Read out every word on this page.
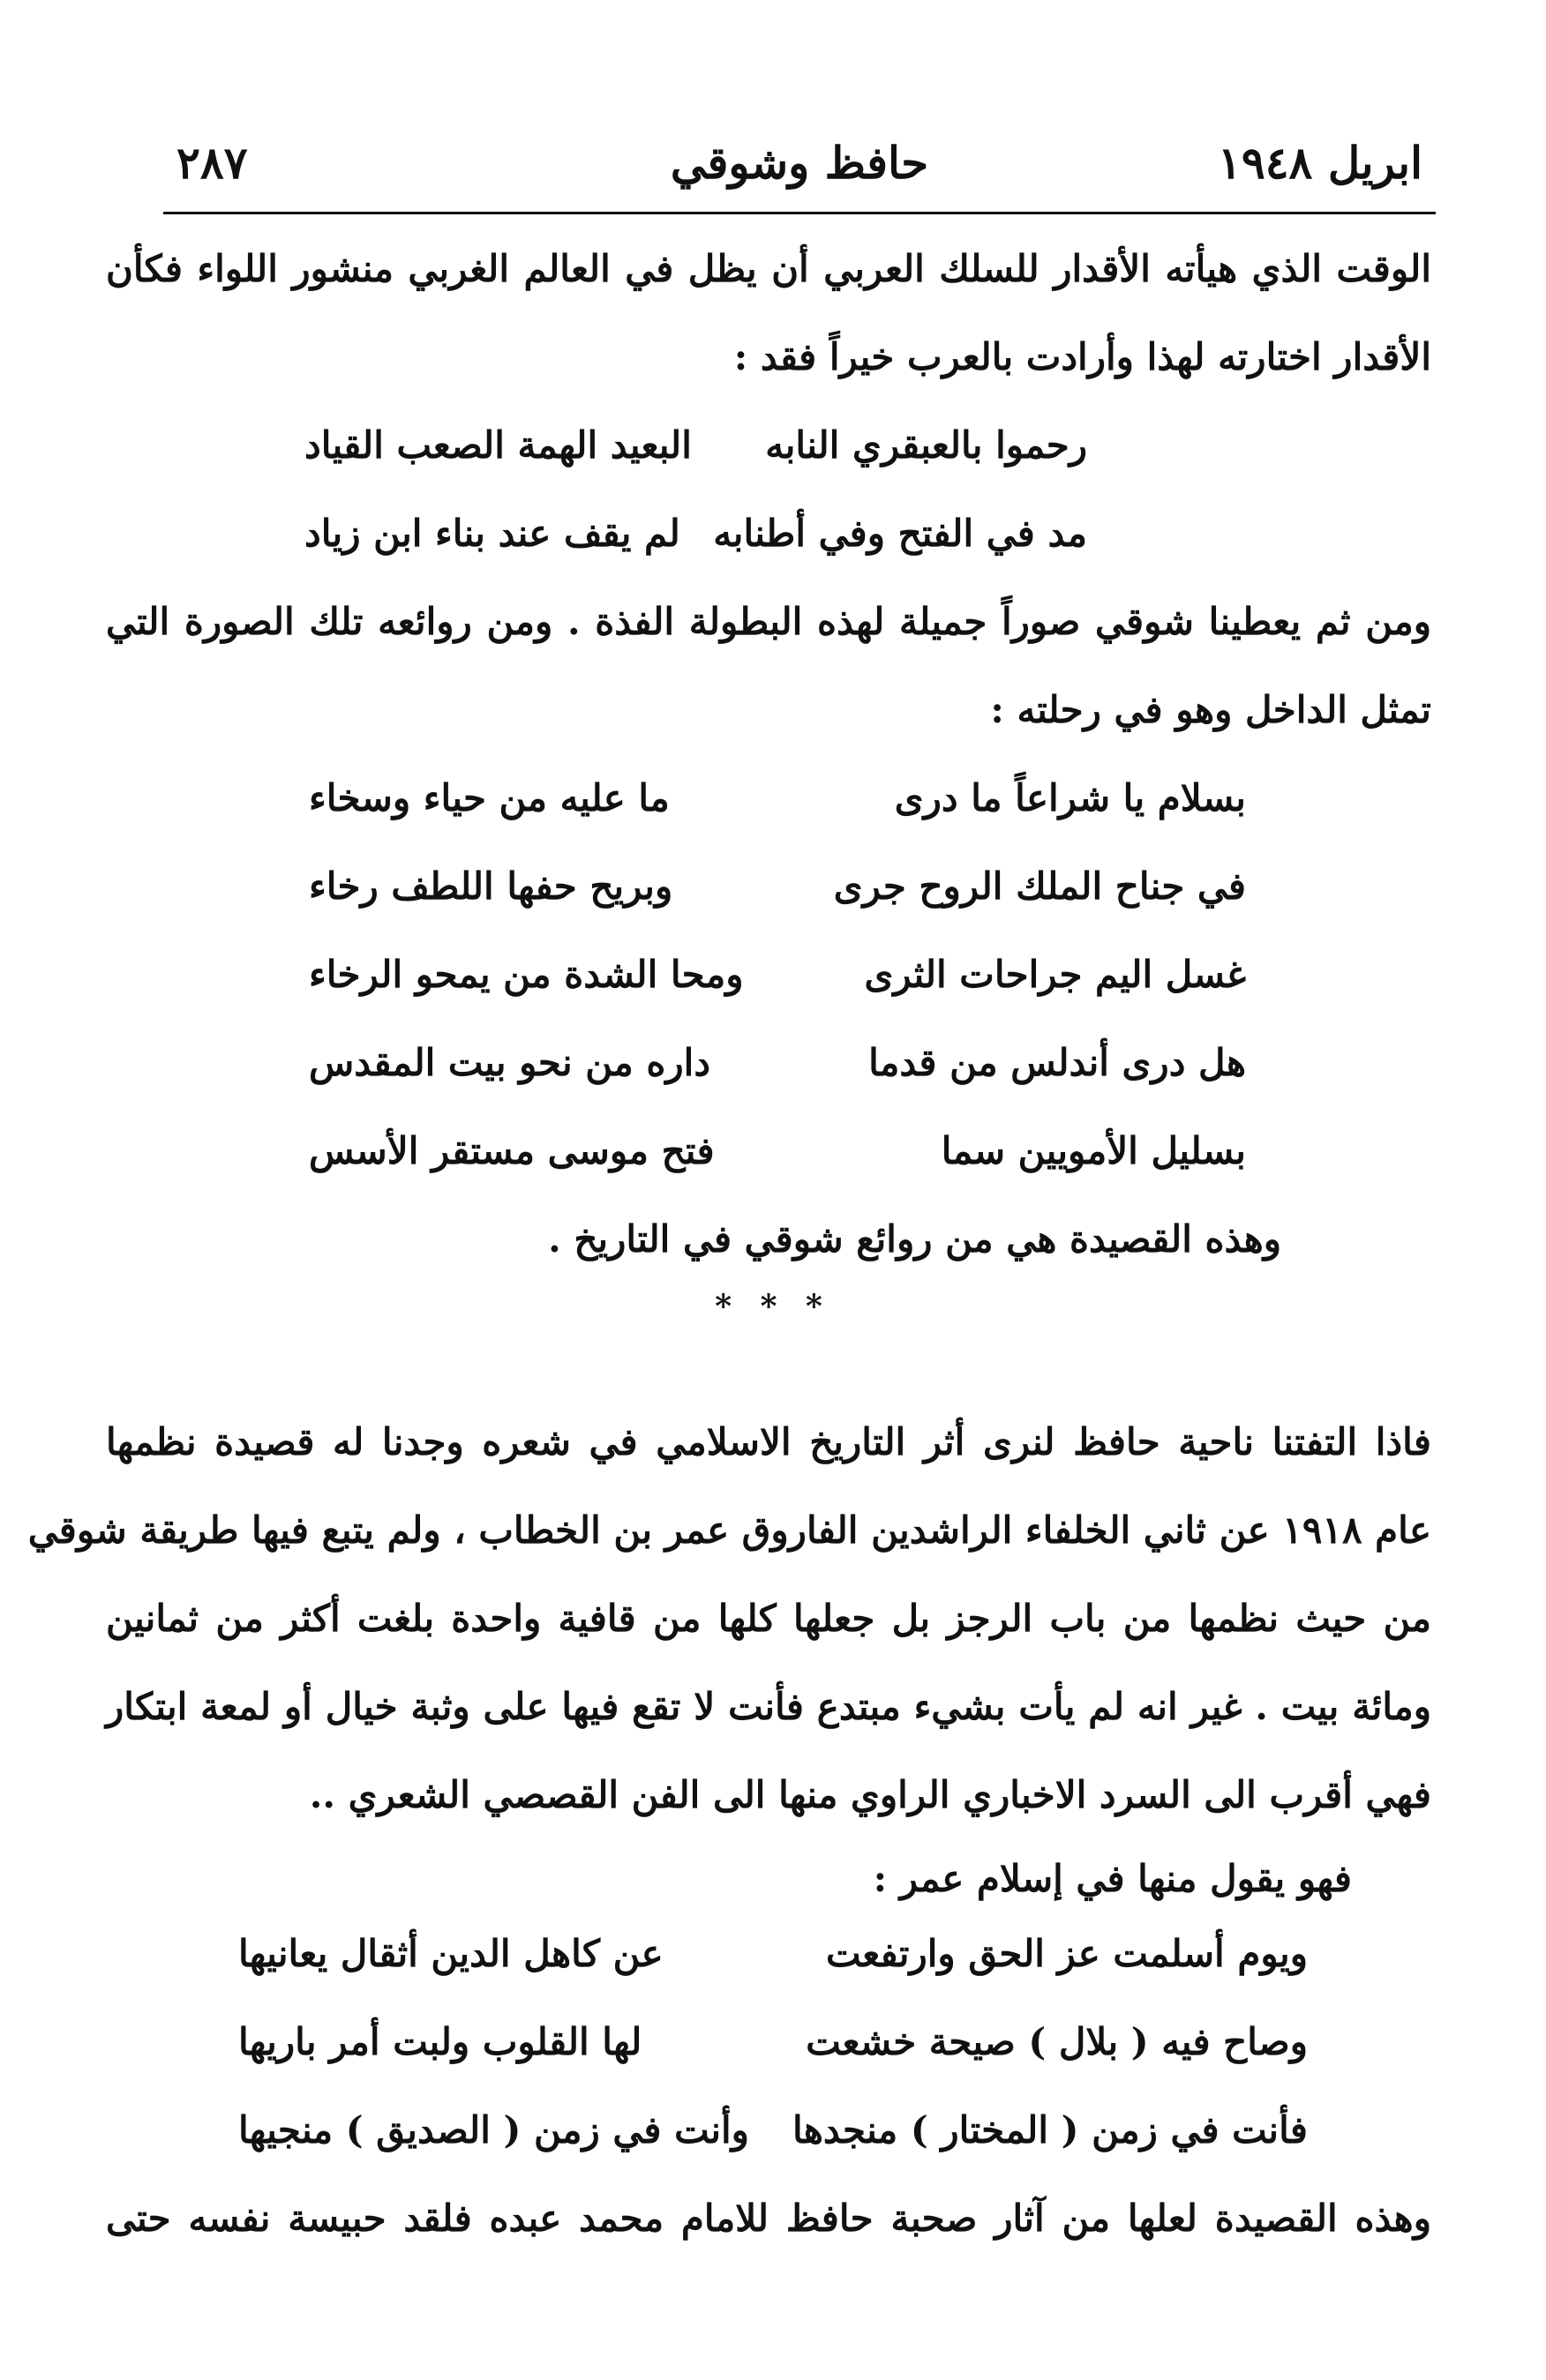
ابريل ١٩٤٨
حافظ وشوقي
٢٨٧
الوقت الذي هيأته الأقدار للسلك العربي أن يظل في العالم الغربي منشور اللواء فكأن
الأقدار اختارته لهذا وأرادت بالعرب خيراً فقد :
رحموا بالعبقري النابه
البعيد الهمة الصعب القياد
مد في الفتح وفي أطنابه
لم يقف عند بناء ابن زياد
ومن ثم يعطينا شوقي صوراً جميلة لهذه البطولة الفذة . ومن روائعه تلك الصورة التي
تمثل الداخل وهو في رحلته :
بسلام يا شراعاً ما درى
ما عليه من حياء وسخاء
في جناح الملك الروح جرى
وبريح حفها اللطف رخاء
غسل اليم جراحات الثرى
ومحا الشدة من يمحو الرخاء
هل درى أندلس من قدما
داره من نحو بيت المقدس
بسليل الأمويين سما
فتح موسى مستقر الأسس
وهذه القصيدة هي من روائع شوقي في التاريخ .
* * *
فاذا التفتنا ناحية حافظ لنرى أثر التاريخ الاسلامي في شعره وجدنا له قصيدة نظمها
عام ١٩١٨ عن ثاني الخلفاء الراشدين الفاروق عمر بن الخطاب ، ولم يتبع فيها طريقة شوقي
من حيث نظمها من باب الرجز بل جعلها كلها من قافية واحدة بلغت أكثر من ثمانين
ومائة بيت . غير انه لم يأت بشيء مبتدع فأنت لا تقع فيها على وثبة خيال أو لمعة ابتكار
فهي أقرب الى السرد الاخباري الراوي منها الى الفن القصصي الشعري ..
فهو يقول منها في إسلام عمر :
ويوم أسلمت عز الحق وارتفعت
عن كاهل الدين أثقال يعانيها
وصاح فيه ( بلال ) صيحة خشعت
لها القلوب ولبت أمر باريها
فأنت في زمن ( المختار ) منجدها
وأنت في زمن ( الصديق ) منجيها
وهذه القصيدة لعلها من آثار صحبة حافظ للامام محمد عبده فلقد حبيسة نفسه حتى
